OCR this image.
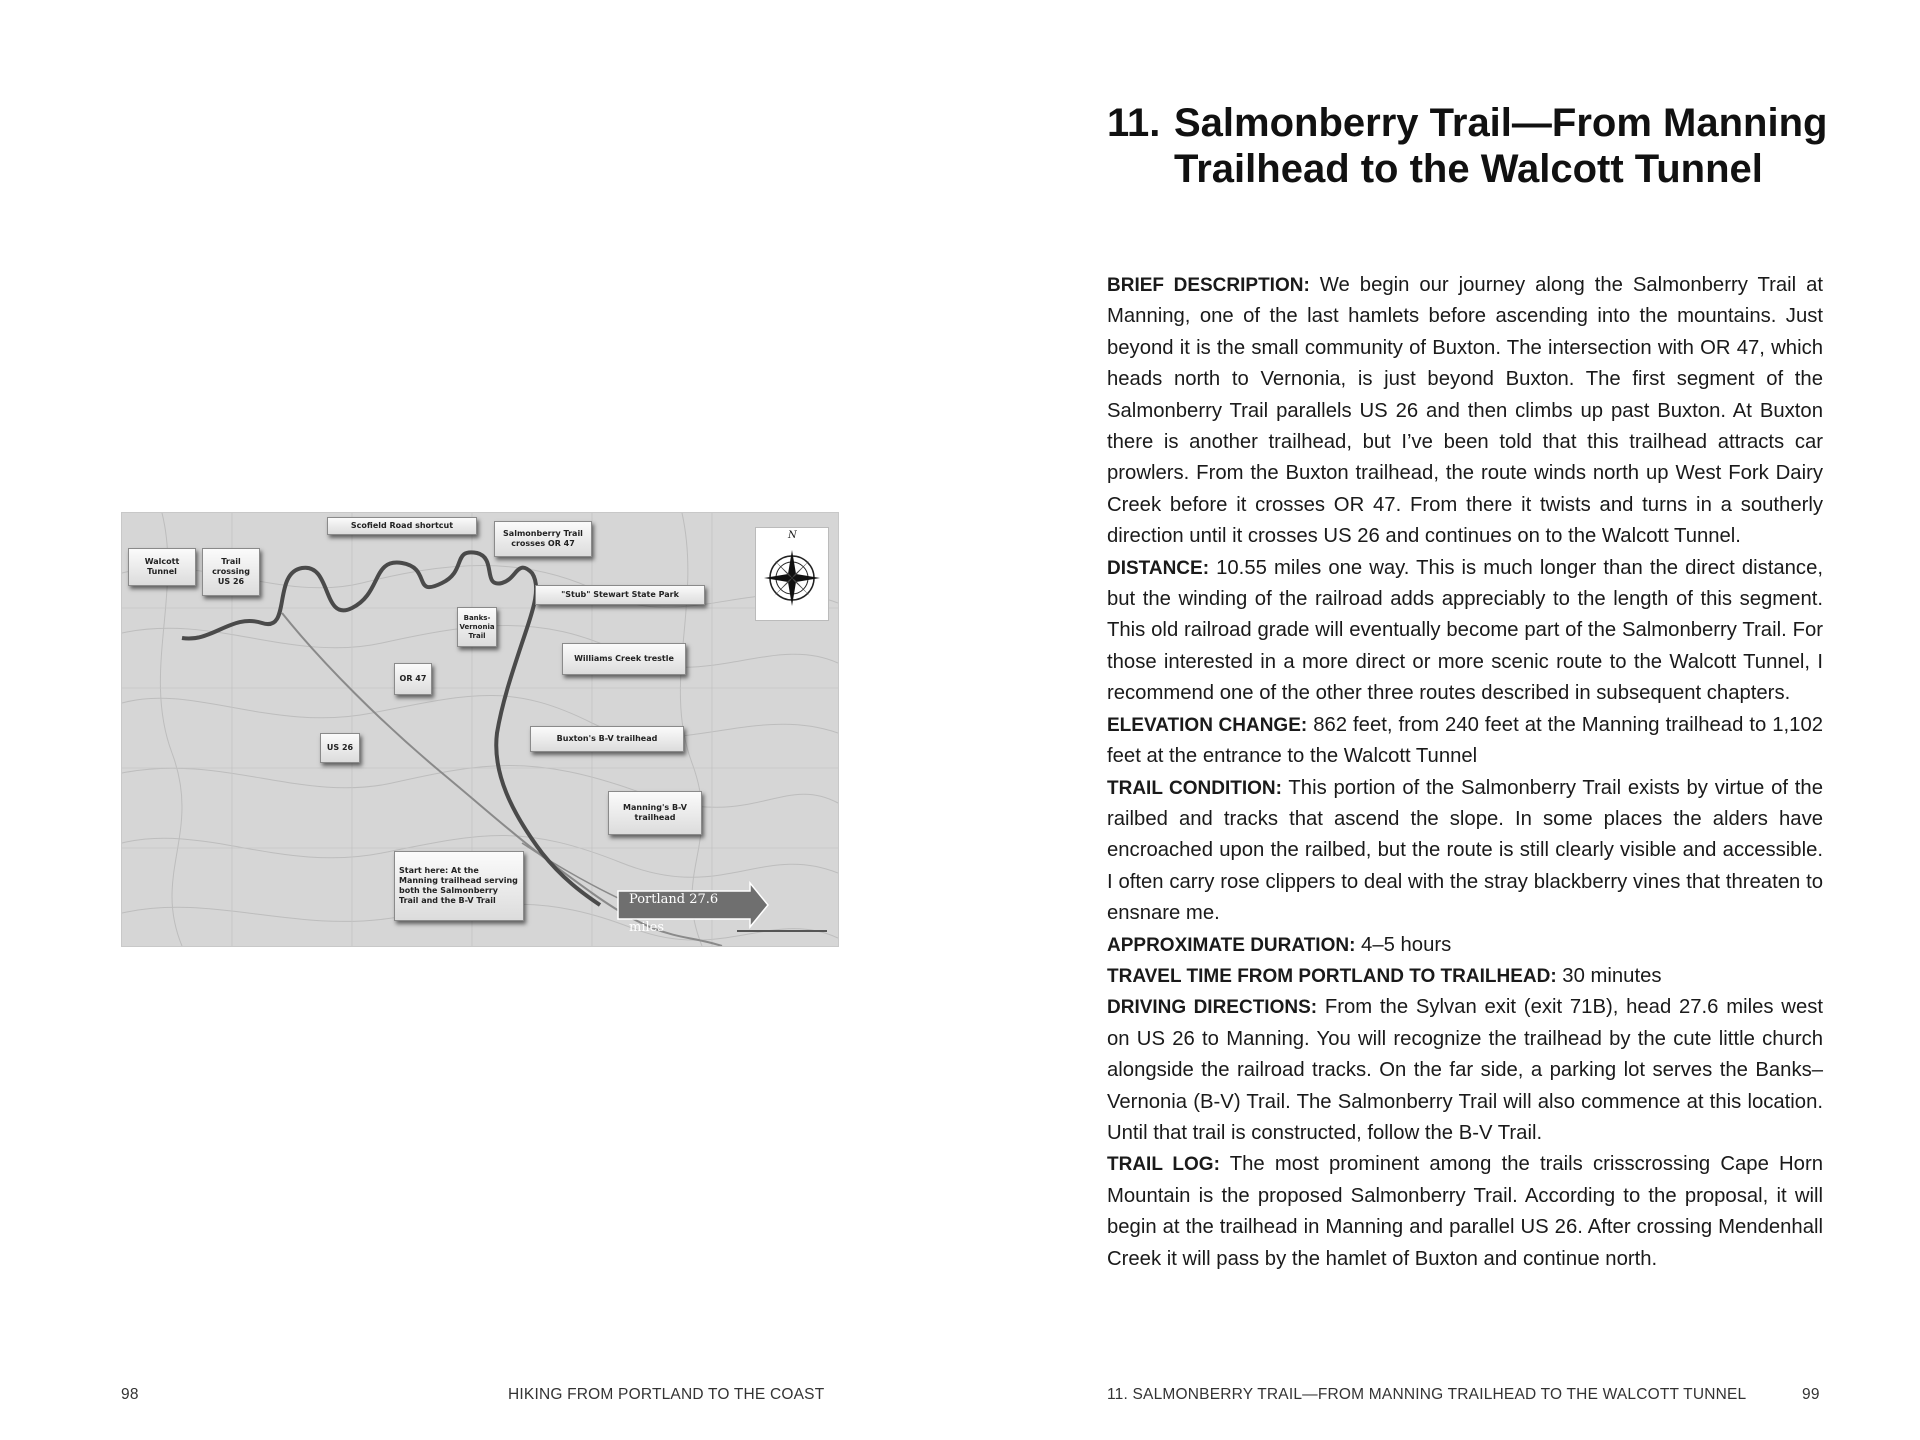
N
Walcott Tunnel
Trail crossing US 26
Scofield Road shortcut
Salmonberry Trail crosses OR 47
"Stub" Stewart State Park
Banks-Vernonia Trail
Williams Creek trestle
OR 47
US 26
Buxton's B-V trailhead
Manning's B-V trailhead
Start here: At the Manning trailhead serving both the Salmonberry Trail and the B-V Trail	Portland 27.6 miles
98	HIKING FROM PORTLAND TO THE COAST
11. Salmonberry Trail—From Manning Trailhead to the Walcott Tunnel

BRIEF DESCRIPTION: We begin our journey along the Salmonberry Trail at Manning, one of the last hamlets before ascending into the mountains. Just beyond it is the small community of Buxton. The intersection with OR 47, which heads north to Vernonia, is just beyond Buxton. The first segment of the Salmonberry Trail parallels US 26 and then climbs up past Buxton. At Buxton there is another trailhead, but I’ve been told that this trailhead attracts car prowlers. From the Buxton trailhead, the route winds north up West Fork Dairy Creek before it crosses OR 47. From there it twists and turns in a southerly direction until it crosses US 26 and continues on to the Walcott Tunnel.

DISTANCE: 10.55 miles one way. This is much longer than the direct distance, but the winding of the railroad adds appreciably to the length of this segment. This old railroad grade will eventually become part of the Salmonberry Trail. For those interested in a more direct or more scenic route to the Walcott Tunnel, I recommend one of the other three routes described in subsequent chapters.

ELEVATION CHANGE: 862 feet, from 240 feet at the Manning trailhead to 1,102 feet at the entrance to the Walcott Tunnel

TRAIL CONDITION: This portion of the Salmonberry Trail exists by virtue of the railbed and tracks that ascend the slope. In some places the alders have encroached upon the railbed, but the route is still clearly visible and accessible. I often carry rose clippers to deal with the stray blackberry vines that threaten to ensnare me.

APPROXIMATE DURATION: 4–5 hours

TRAVEL TIME FROM PORTLAND TO TRAILHEAD: 30 minutes

DRIVING DIRECTIONS: From the Sylvan exit (exit 71B), head 27.6 miles west on US 26 to Manning. You will recognize the trailhead by the cute little church alongside the railroad tracks. On the far side, a parking lot serves the Banks–Vernonia (B-V) Trail. The Salmonberry Trail will also commence at this location. Until that trail is constructed, follow the B-V Trail.

TRAIL LOG: The most prominent among the trails crisscrossing Cape Horn Mountain is the proposed Salmonberry Trail. According to the proposal, it will begin at the trailhead in Manning and parallel US 26. After crossing Mendenhall Creek it will pass by the hamlet of Buxton and continue north.

11. SALMONBERRY TRAIL—FROM MANNING TRAILHEAD TO THE WALCOTT TUNNEL	99
